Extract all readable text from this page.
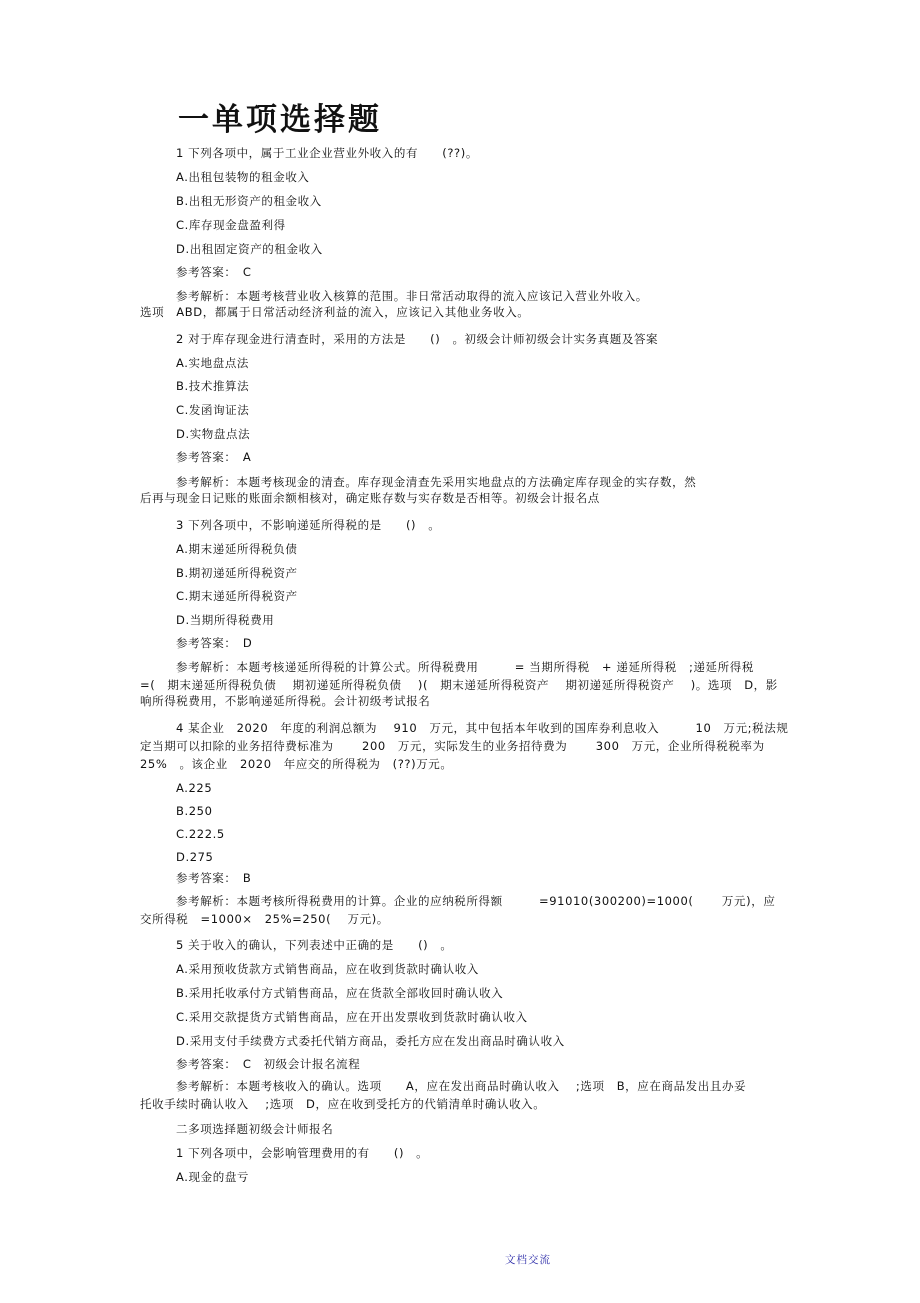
一单项选择题

1 下列各项中，属于工业企业营业外收入的有　　(??)。

A.出租包装物的租金收入

B.出租无形资产的租金收入

C.库存现金盘盈利得

D.出租固定资产的租金收入

参考答案：　C

参考解析：本题考核营业收入核算的范围。非日常活动取得的流入应该记入营业外收入。

选项　ABD，都属于日常活动经济利益的流入，应该记入其他业务收入。

2 对于库存现金进行清查时，采用的方法是　　()　。初级会计师初级会计实务真题及答案

A.实地盘点法

B.技术推算法

C.发函询证法

D.实物盘点法

参考答案：　A

参考解析：本题考核现金的清查。库存现金清查先采用实地盘点的方法确定库存现金的实存数，然

后再与现金日记账的账面余额相核对，确定账存数与实存数是否相等。初级会计报名点

3 下列各项中，不影响递延所得税的是　　()　。

A.期末递延所得税负债

B.期初递延所得税资产

C.期末递延所得税资产

D.当期所得税费用

参考答案：　D

参考解析：本题考核递延所得税的计算公式。所得税费用　　　= 当期所得税　+ 递延所得税　;递延所得税

=(　期末递延所得税负债　 期初递延所得税负债　 )(　期末递延所得税资产　 期初递延所得税资产　 )。选项　D，影

响所得税费用，不影响递延所得税。会计初级考试报名

4 某企业　2020　年度的利润总额为　 910　万元，其中包括本年收到的国库券利息收入　　　10　万元;税法规

定当期可以扣除的业务招待费标准为　　 200　万元，实际发生的业务招待费为　　 300　万元，企业所得税税率为

25%　。该企业　2020　年应交的所得税为　(??)万元。

A.225

B.250

C.222.5

D.275

参考答案：　B

参考解析：本题考核所得税费用的计算。企业的应纳税所得额　　　=91010(300200)=1000(　　 万元)，应

交所得税　=1000×　25%=250(　 万元)。

5 关于收入的确认，下列表述中正确的是　　()　。

A.采用预收货款方式销售商品，应在收到货款时确认收入

B.采用托收承付方式销售商品，应在货款全部收回时确认收入

C.采用交款提货方式销售商品，应在开出发票收到货款时确认收入

D.采用支付手续费方式委托代销方商品，委托方应在发出商品时确认收入

参考答案：　C　初级会计报名流程

参考解析：本题考核收入的确认。选项　　A，应在发出商品时确认收入　 ;选项　B，应在商品发出且办妥

托收手续时确认收入　 ;选项　D，应在收到受托方的代销清单时确认收入。

二多项选择题初级会计师报名

1 下列各项中，会影响管理费用的有　　()　。

A.现金的盘亏

文档交流
